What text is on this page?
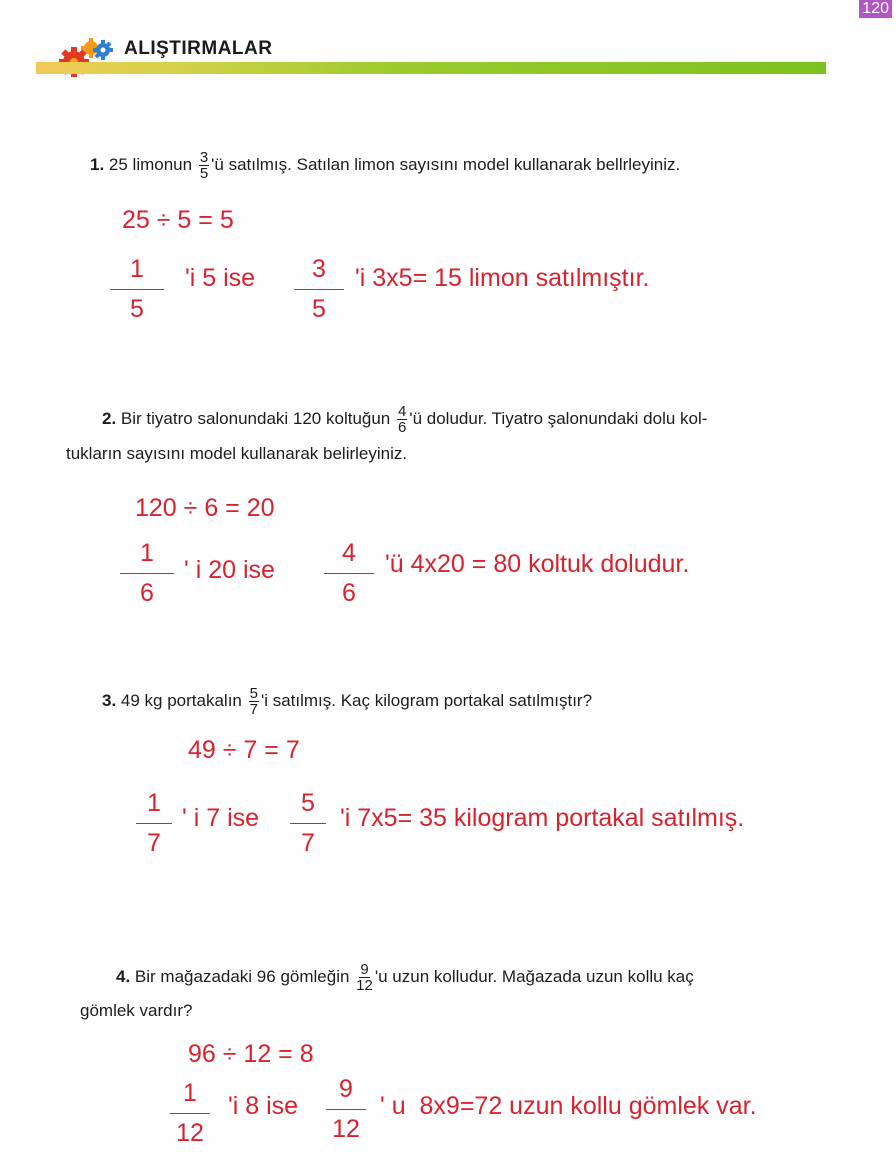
120
ALIŞTIRMALAR
1. 25 limonun $\frac{3}{5}$ 'ü satılmış. Satılan limon sayısını model kullanarak bellrleyiniz.
25 ÷ 5 = 5
1
5
'i 5 ise 3
5
'i 3x5= 15 limon satılmıştır.
2. Bir tiyatro salonundaki 120 koltuğun $\frac{4}{6}$ 'ü doludur. Tiyatro şalonundaki dolu kol-
tukların sayısını model kullanarak belirleyiniz.
120 ÷ 6 = 20
1
6
' i 20 ise
4
6
'ü 4x20 = 80 koltuk doludur.
3. 49 kg portakalın $\frac{5}{7}$ 'i satılmış. Kaç kilogram portakal satılmıştır?
49 ÷ 7 = 7
1
7
' i 7 ise
5
7
'i 7x5= 35 kilogram portakal satılmış.
4. Bir mağazadaki 96 gömleğin $\frac{9}{12}$ 'u uzun kolludur. Mağazada uzun kollu kaç
gömlek vardır?
96 ÷ 12 = 8
1
12
'i 8 ise
9
12
' u  8x9=72 uzun kollu gömlek var.
